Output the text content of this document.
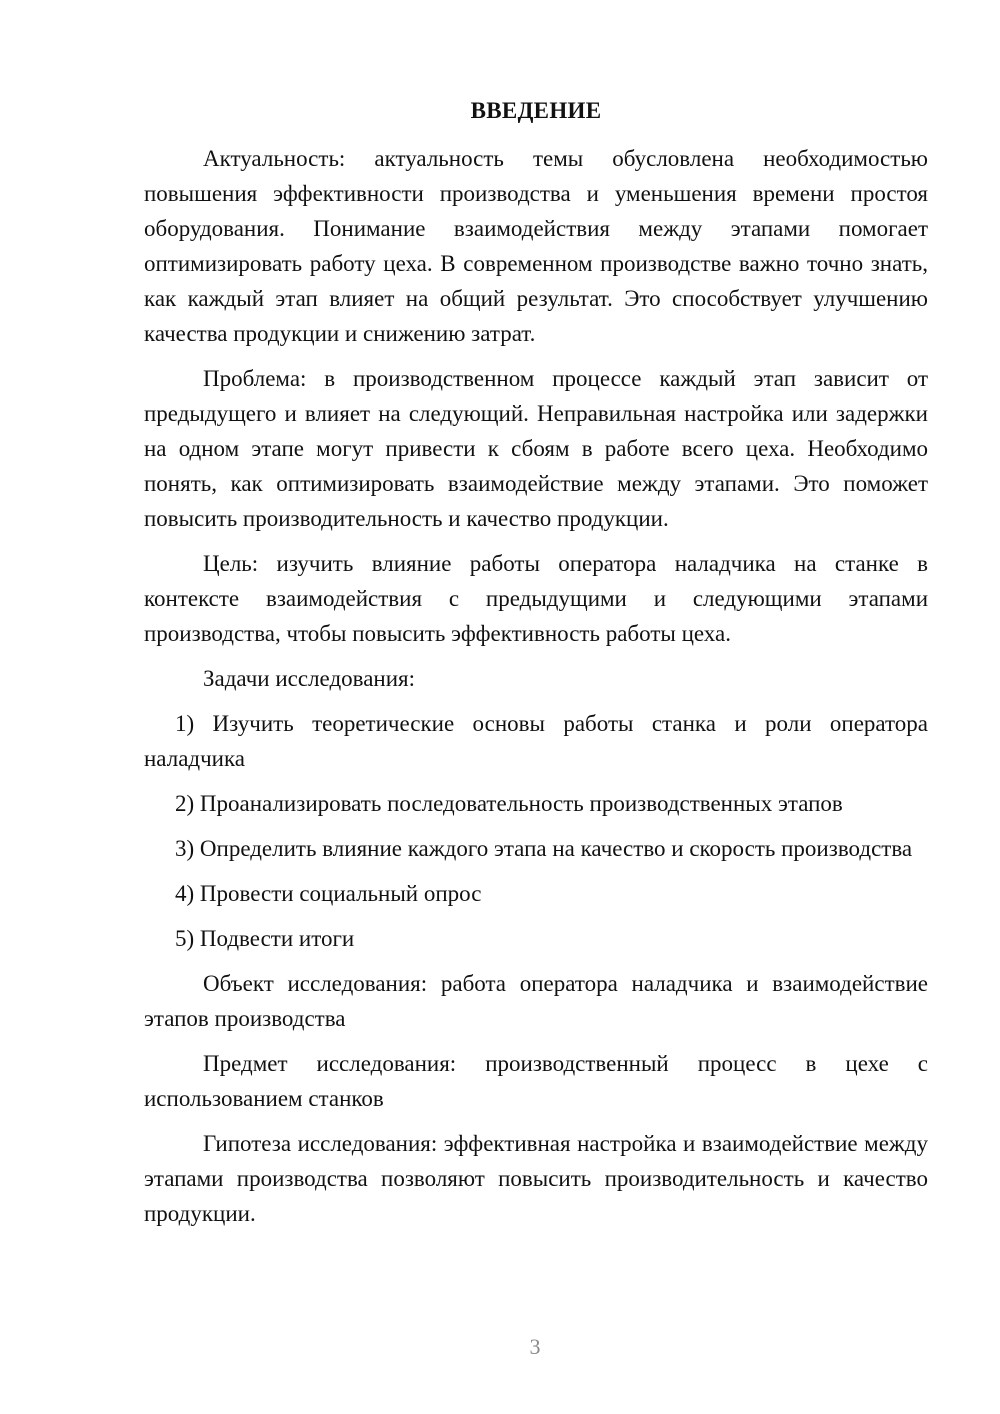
ВВЕДЕНИЕ

Актуальность: актуальность темы обусловлена необходимостью повышения эффективности производства и уменьшения времени простоя оборудования. Понимание взаимодействия между этапами помогает оптимизировать работу цеха. В современном производстве важно точно знать, как каждый этап влияет на общий результат. Это способствует улучшению качества продукции и снижению затрат.

Проблема: в производственном процессе каждый этап зависит от предыдущего и влияет на следующий. Неправильная настройка или задержки на одном этапе могут привести к сбоям в работе всего цеха. Необходимо понять, как оптимизировать взаимодействие между этапами. Это поможет повысить производительность и качество продукции.

Цель: изучить влияние работы оператора наладчика на станке в контексте взаимодействия с предыдущими и следующими этапами производства, чтобы повысить эффективность работы цеха.

Задачи исследования:

1) Изучить теоретические основы работы станка и роли оператора наладчика

2) Проанализировать последовательность производственных этапов

3) Определить влияние каждого этапа на качество и скорость производства

4) Провести социальный опрос

5) Подвести итоги

Объект исследования: работа оператора наладчика и взаимодействие этапов производства

Предмет исследования: производственный процесс в цехе с использованием станков

Гипотеза исследования: эффективная настройка и взаимодействие между этапами производства позволяют повысить производительность и качество продукции.

3
